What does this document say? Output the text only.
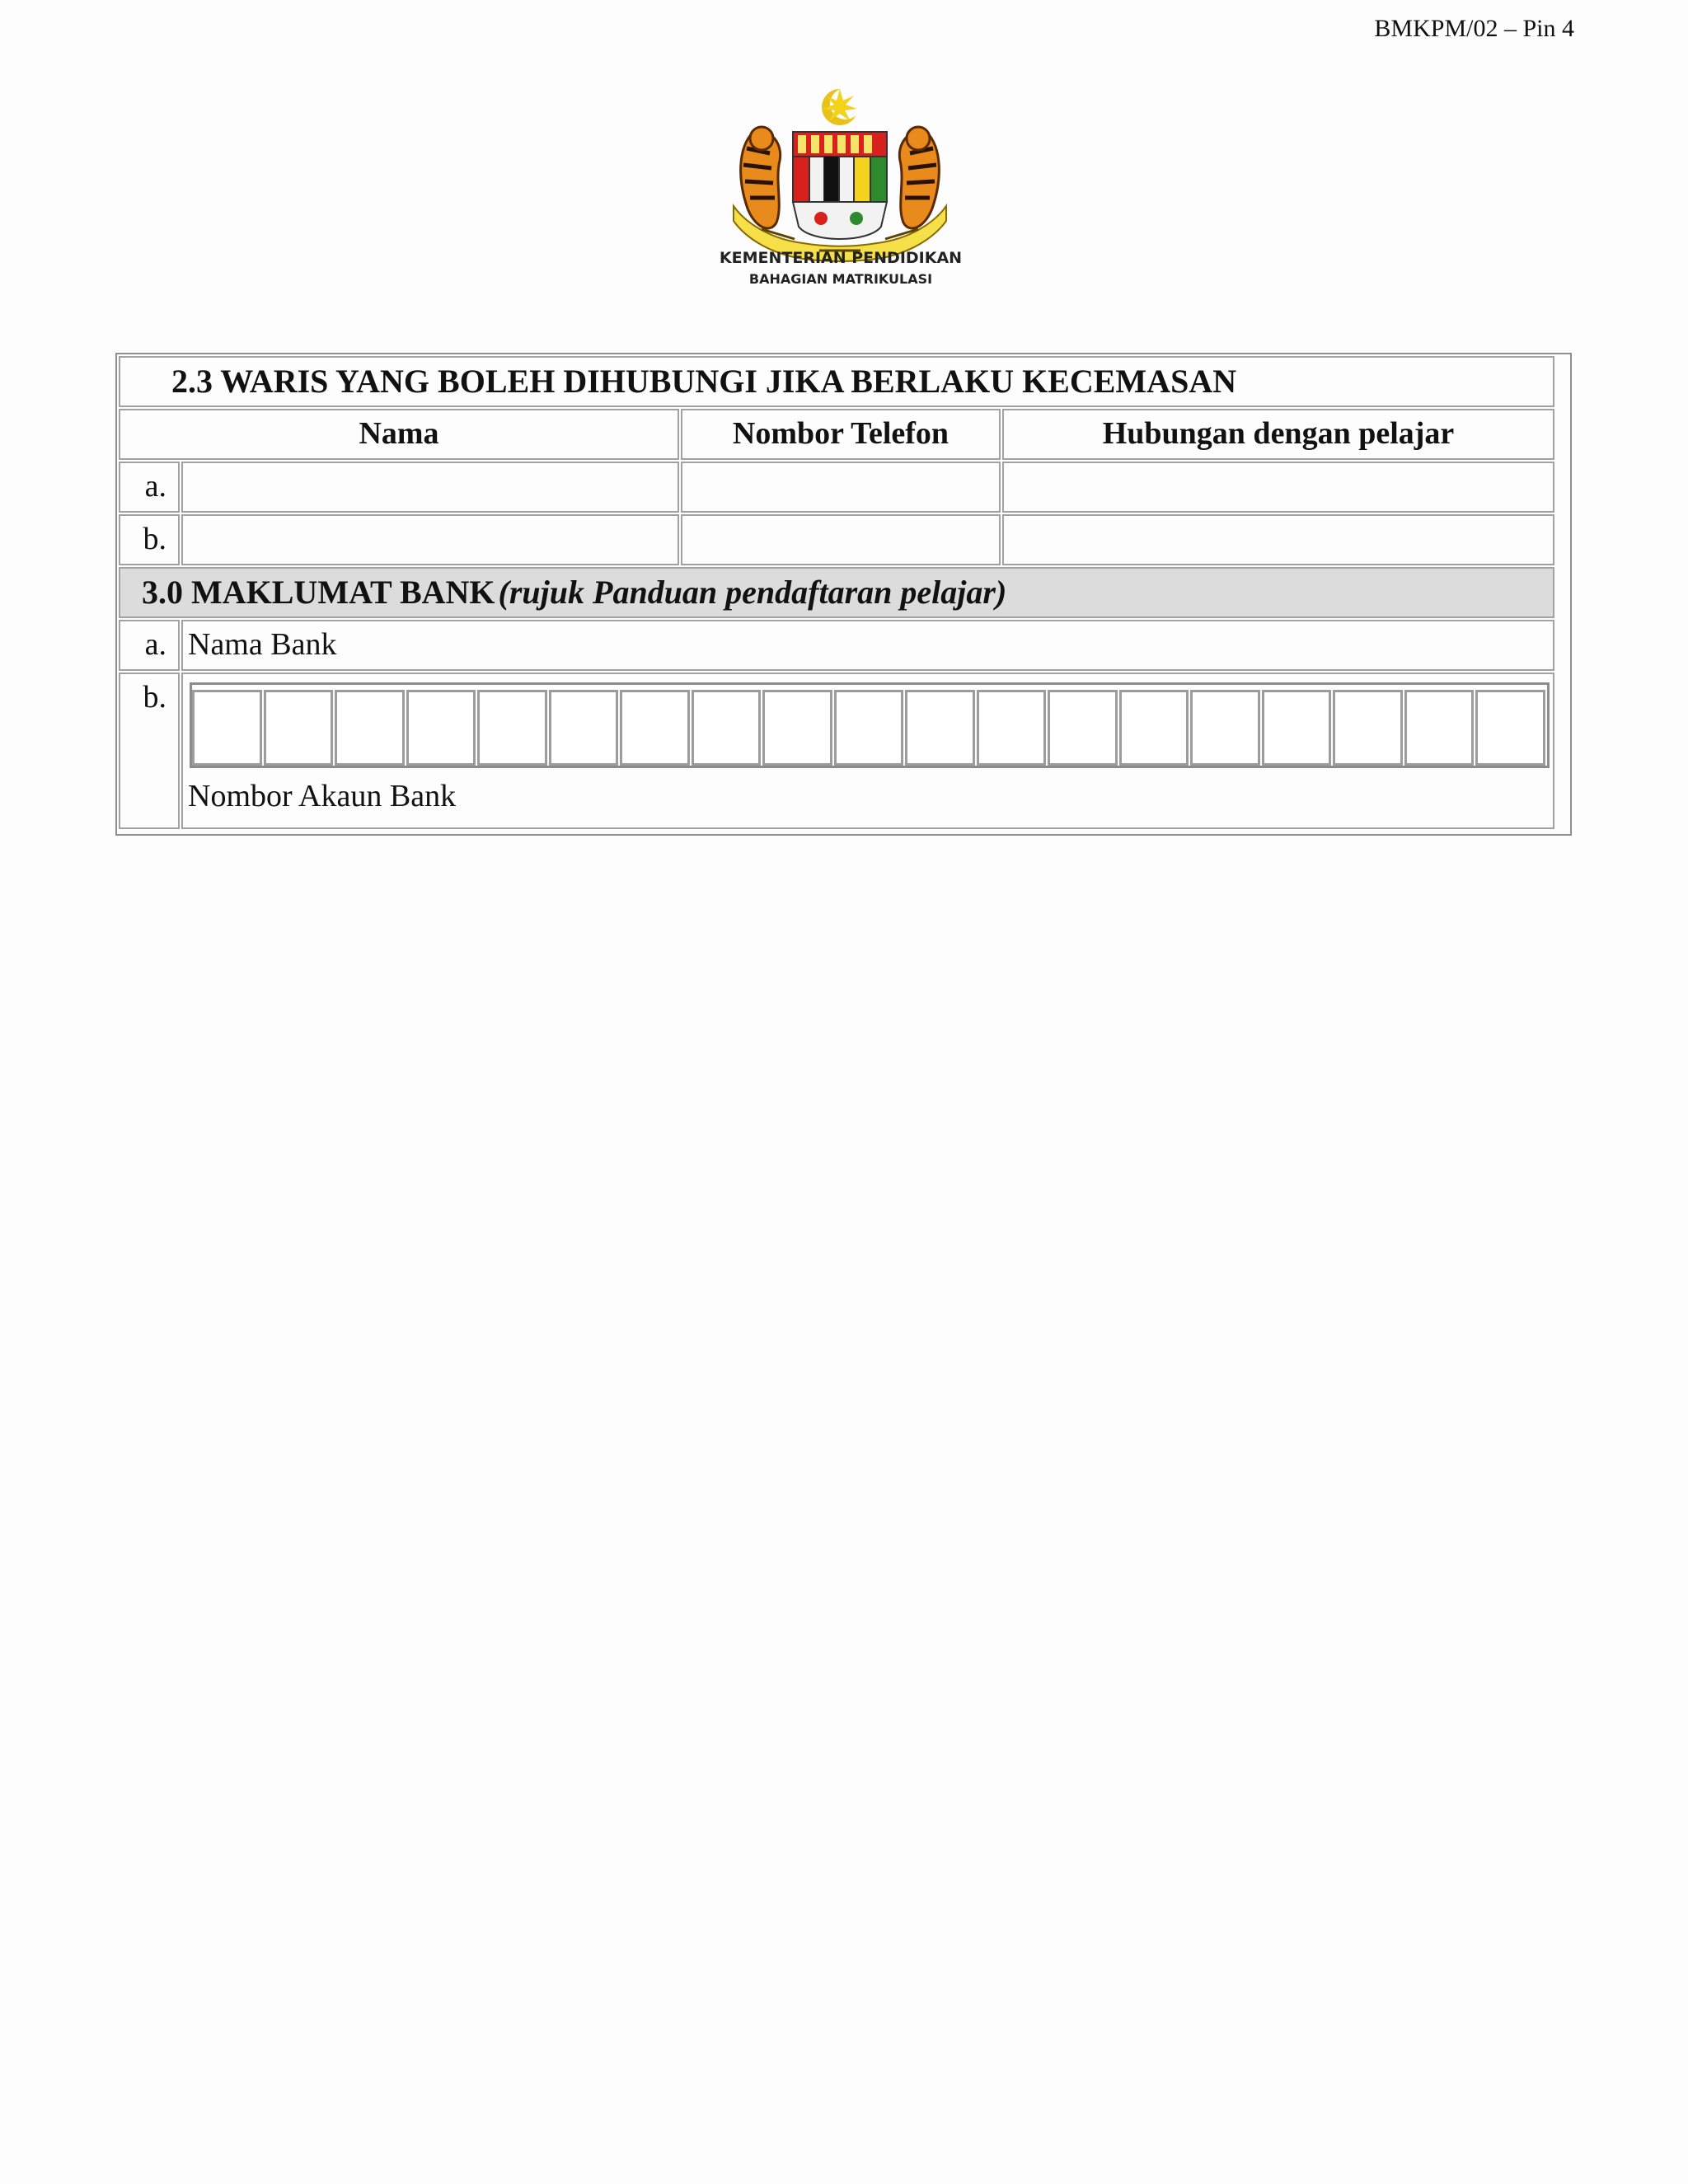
BMKPM/02 – Pin 4
KEMENTERIAN PENDIDIKAN
BAHAGIAN MATRIKULASI
2.3 WARIS YANG BOLEH DIHUBUNGI JIKA BERLAKU KECEMASAN
Nama	Nombor Telefon	Hubungan dengan pelajar
a.
b.
3.0 MAKLUMAT BANK (rujuk Panduan pendaftaran pelajar)
a. Nama Bank
b.
Nombor Akaun Bank
